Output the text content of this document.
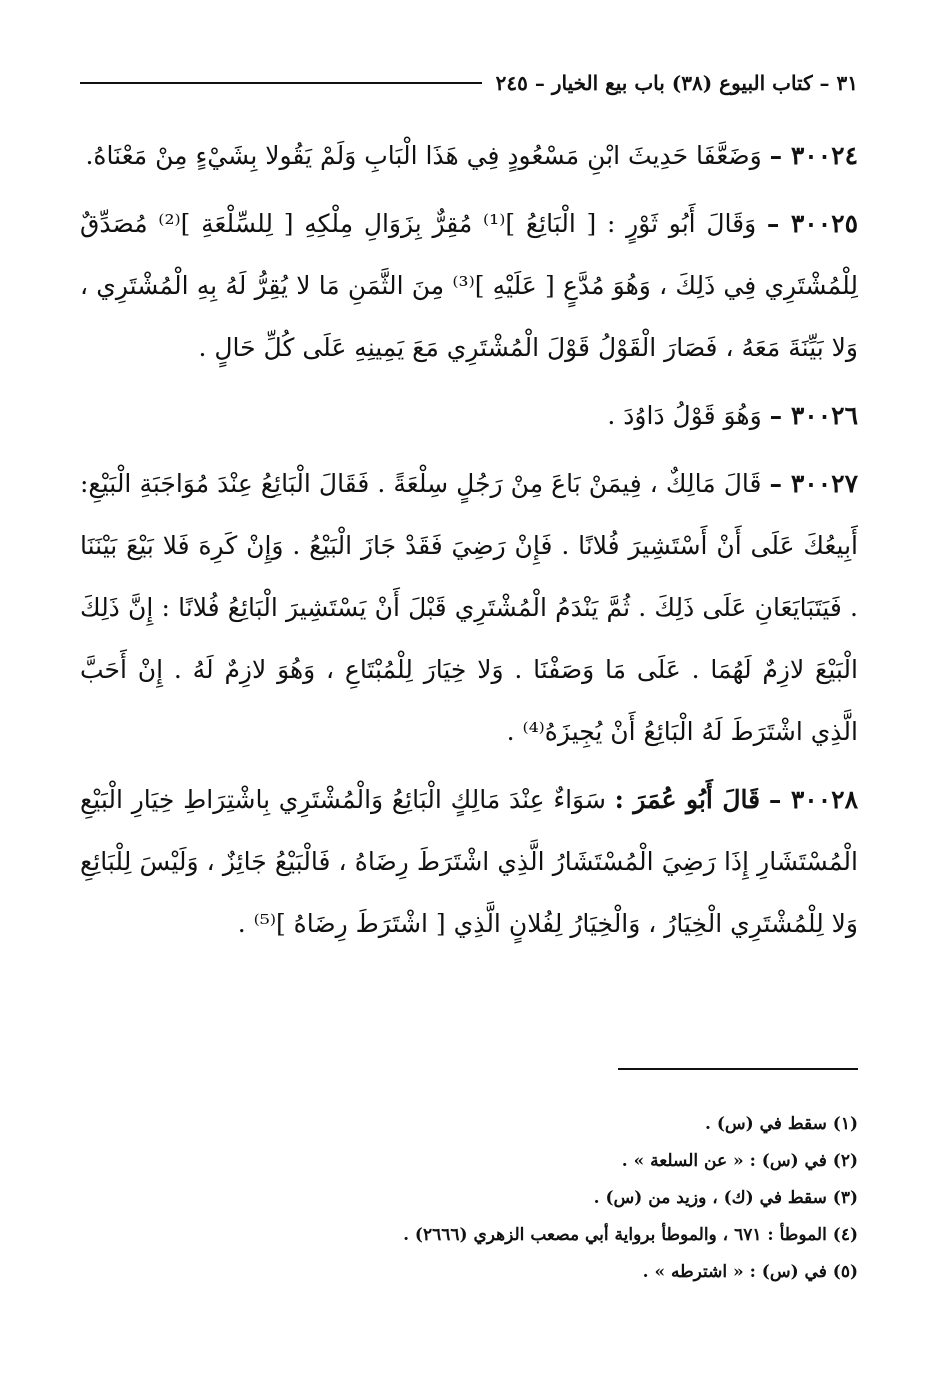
٣١ – كتاب البيوع (٣٨) باب بيع الخيار – ٢٤٥

٣٠٠٢٤ – وَضَعَّفَا حَدِيثَ ابْنِ مَسْعُودٍ فِي هَذَا الْبَابِ وَلَمْ يَقُولا بِشَيْءٍ مِنْ مَعْنَاهُ.

٣٠٠٢٥ – وَقَالَ أَبُو ثَوْرٍ : [ الْبَائِعُ ]⁽¹⁾ مُقِرٌّ بِزَوَالِ مِلْكِهِ [ لِلسِّلْعَةِ ]⁽²⁾ مُصَدِّقٌ لِلْمُشْتَرِي فِي ذَلِكَ ، وَهُوَ مُدَّعٍ [ عَلَيْهِ ]⁽³⁾ مِنَ الثَّمَنِ مَا لا يُقِرُّ لَهُ بِهِ الْمُشْتَرِي ، وَلا بَيِّنَةَ مَعَهُ ، فَصَارَ الْقَوْلُ قَوْلَ الْمُشْتَرِي مَعَ يَمِينِهِ عَلَى كُلِّ حَالٍ .

٣٠٠٢٦ – وَهُوَ قَوْلُ دَاوُدَ .

٣٠٠٢٧ – قَالَ مَالِكٌ ، فِيمَنْ بَاعَ مِنْ رَجُلٍ سِلْعَةً . فَقَالَ الْبَائِعُ عِنْدَ مُوَاجَبَةِ الْبَيْعِ: أَبِيعُكَ عَلَى أَنْ أَسْتَشِيرَ فُلانًا . فَإِنْ رَضِيَ فَقَدْ جَازَ الْبَيْعُ . وَإِنْ كَرِهَ فَلا بَيْعَ بَيْنَنَا . فَيَتَبَايَعَانِ عَلَى ذَلِكَ . ثُمَّ يَنْدَمُ الْمُشْتَرِي قَبْلَ أَنْ يَسْتَشِيرَ الْبَائِعُ فُلانًا : إِنَّ ذَلِكَ الْبَيْعَ لازِمٌ لَهُمَا . عَلَى مَا وَصَفْنَا . وَلا خِيَارَ لِلْمُبْتَاعِ ، وَهُوَ لازِمٌ لَهُ . إِنْ أَحَبَّ الَّذِي اشْتَرَطَ لَهُ الْبَائِعُ أَنْ يُجِيزَهُ⁽⁴⁾ .

٣٠٠٢٨ – قَالَ أَبُو عُمَرَ : سَوَاءٌ عِنْدَ مَالِكٍ الْبَائِعُ وَالْمُشْتَرِي بِاشْتِرَاطِ خِيَارِ الْبَيْعِ الْمُسْتَشَارِ إِذَا رَضِيَ الْمُسْتَشَارُ الَّذِي اشْتَرَطَ رِضَاهُ ، فَالْبَيْعُ جَائِزٌ ، وَلَيْسَ لِلْبَائِعِ وَلا لِلْمُشْتَرِي الْخِيَارُ ، وَالْخِيَارُ لِفُلانٍ الَّذِي [ اشْتَرَطَ رِضَاهُ ]⁽⁵⁾ .

(١) سقط في (س) .

(٢) في (س) : « عن السلعة » .

(٣) سقط في (ك) ، وزيد من (س) .

(٤) الموطأ : ٦٧١ ، والموطأ برواية أبي مصعب الزهري (٢٦٦٦) .

(٥) في (س) : « اشترطه » .
